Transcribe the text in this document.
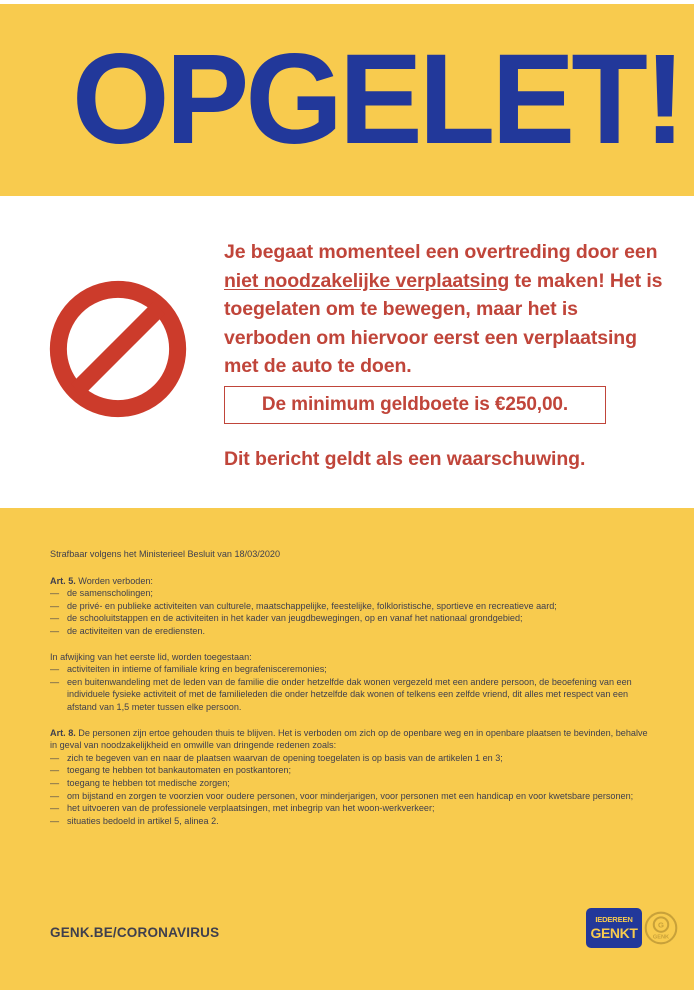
OPGELET!

Je begaat momenteel een overtreding door een niet noodzakelijke verplaatsing te maken! Het is toegelaten om te bewegen, maar het is verboden om hiervoor eerst een verplaatsing met de auto te doen.

De minimum geldboete is €250,00.

Dit bericht geldt als een waarschuwing.

Strafbaar volgens het Ministerieel Besluit van 18/03/2020

Art. 5. Worden verboden:

— de samenscholingen;
— de privé- en publieke activiteiten van culturele, maatschappelijke, feestelijke, folkloristische, sportieve en recreatieve aard;
— de schooluitstappen en de activiteiten in het kader van jeugdbewegingen, op en vanaf het nationaal grondgebied;
— de activiteiten van de erediensten.

In afwijking van het eerste lid, worden toegestaan:

— activiteiten in intieme of familiale kring en begrafenisceremonies;
— een buitenwandeling met de leden van de familie die onder hetzelfde dak wonen vergezeld met een andere persoon, de beoefening van een individuele fysieke activiteit of met de familieleden die onder hetzelfde dak wonen of telkens een zelfde vriend, dit alles met respect van een afstand van 1,5 meter tussen elke persoon.

Art. 8. De personen zijn ertoe gehouden thuis te blijven. Het is verboden om zich op de openbare weg en in openbare plaatsen te bevinden, behalve in geval van noodzakelijkheid en omwille van dringende redenen zoals:

— zich te begeven van en naar de plaatsen waarvan de opening toegelaten is op basis van de artikelen 1 en 3;
— toegang te hebben tot bankautomaten en postkantoren;
— toegang te hebben tot medische zorgen;
— om bijstand en zorgen te voorzien voor oudere personen, voor minderjarigen, voor personen met een handicap en voor kwetsbare personen;
— het uitvoeren van de professionele verplaatsingen, met inbegrip van het woon-werkverkeer;
— situaties bedoeld in artikel 5, alinea 2.

GENK.BE/CORONAVIRUS

IEDEREEN
GENKT G
GENK
